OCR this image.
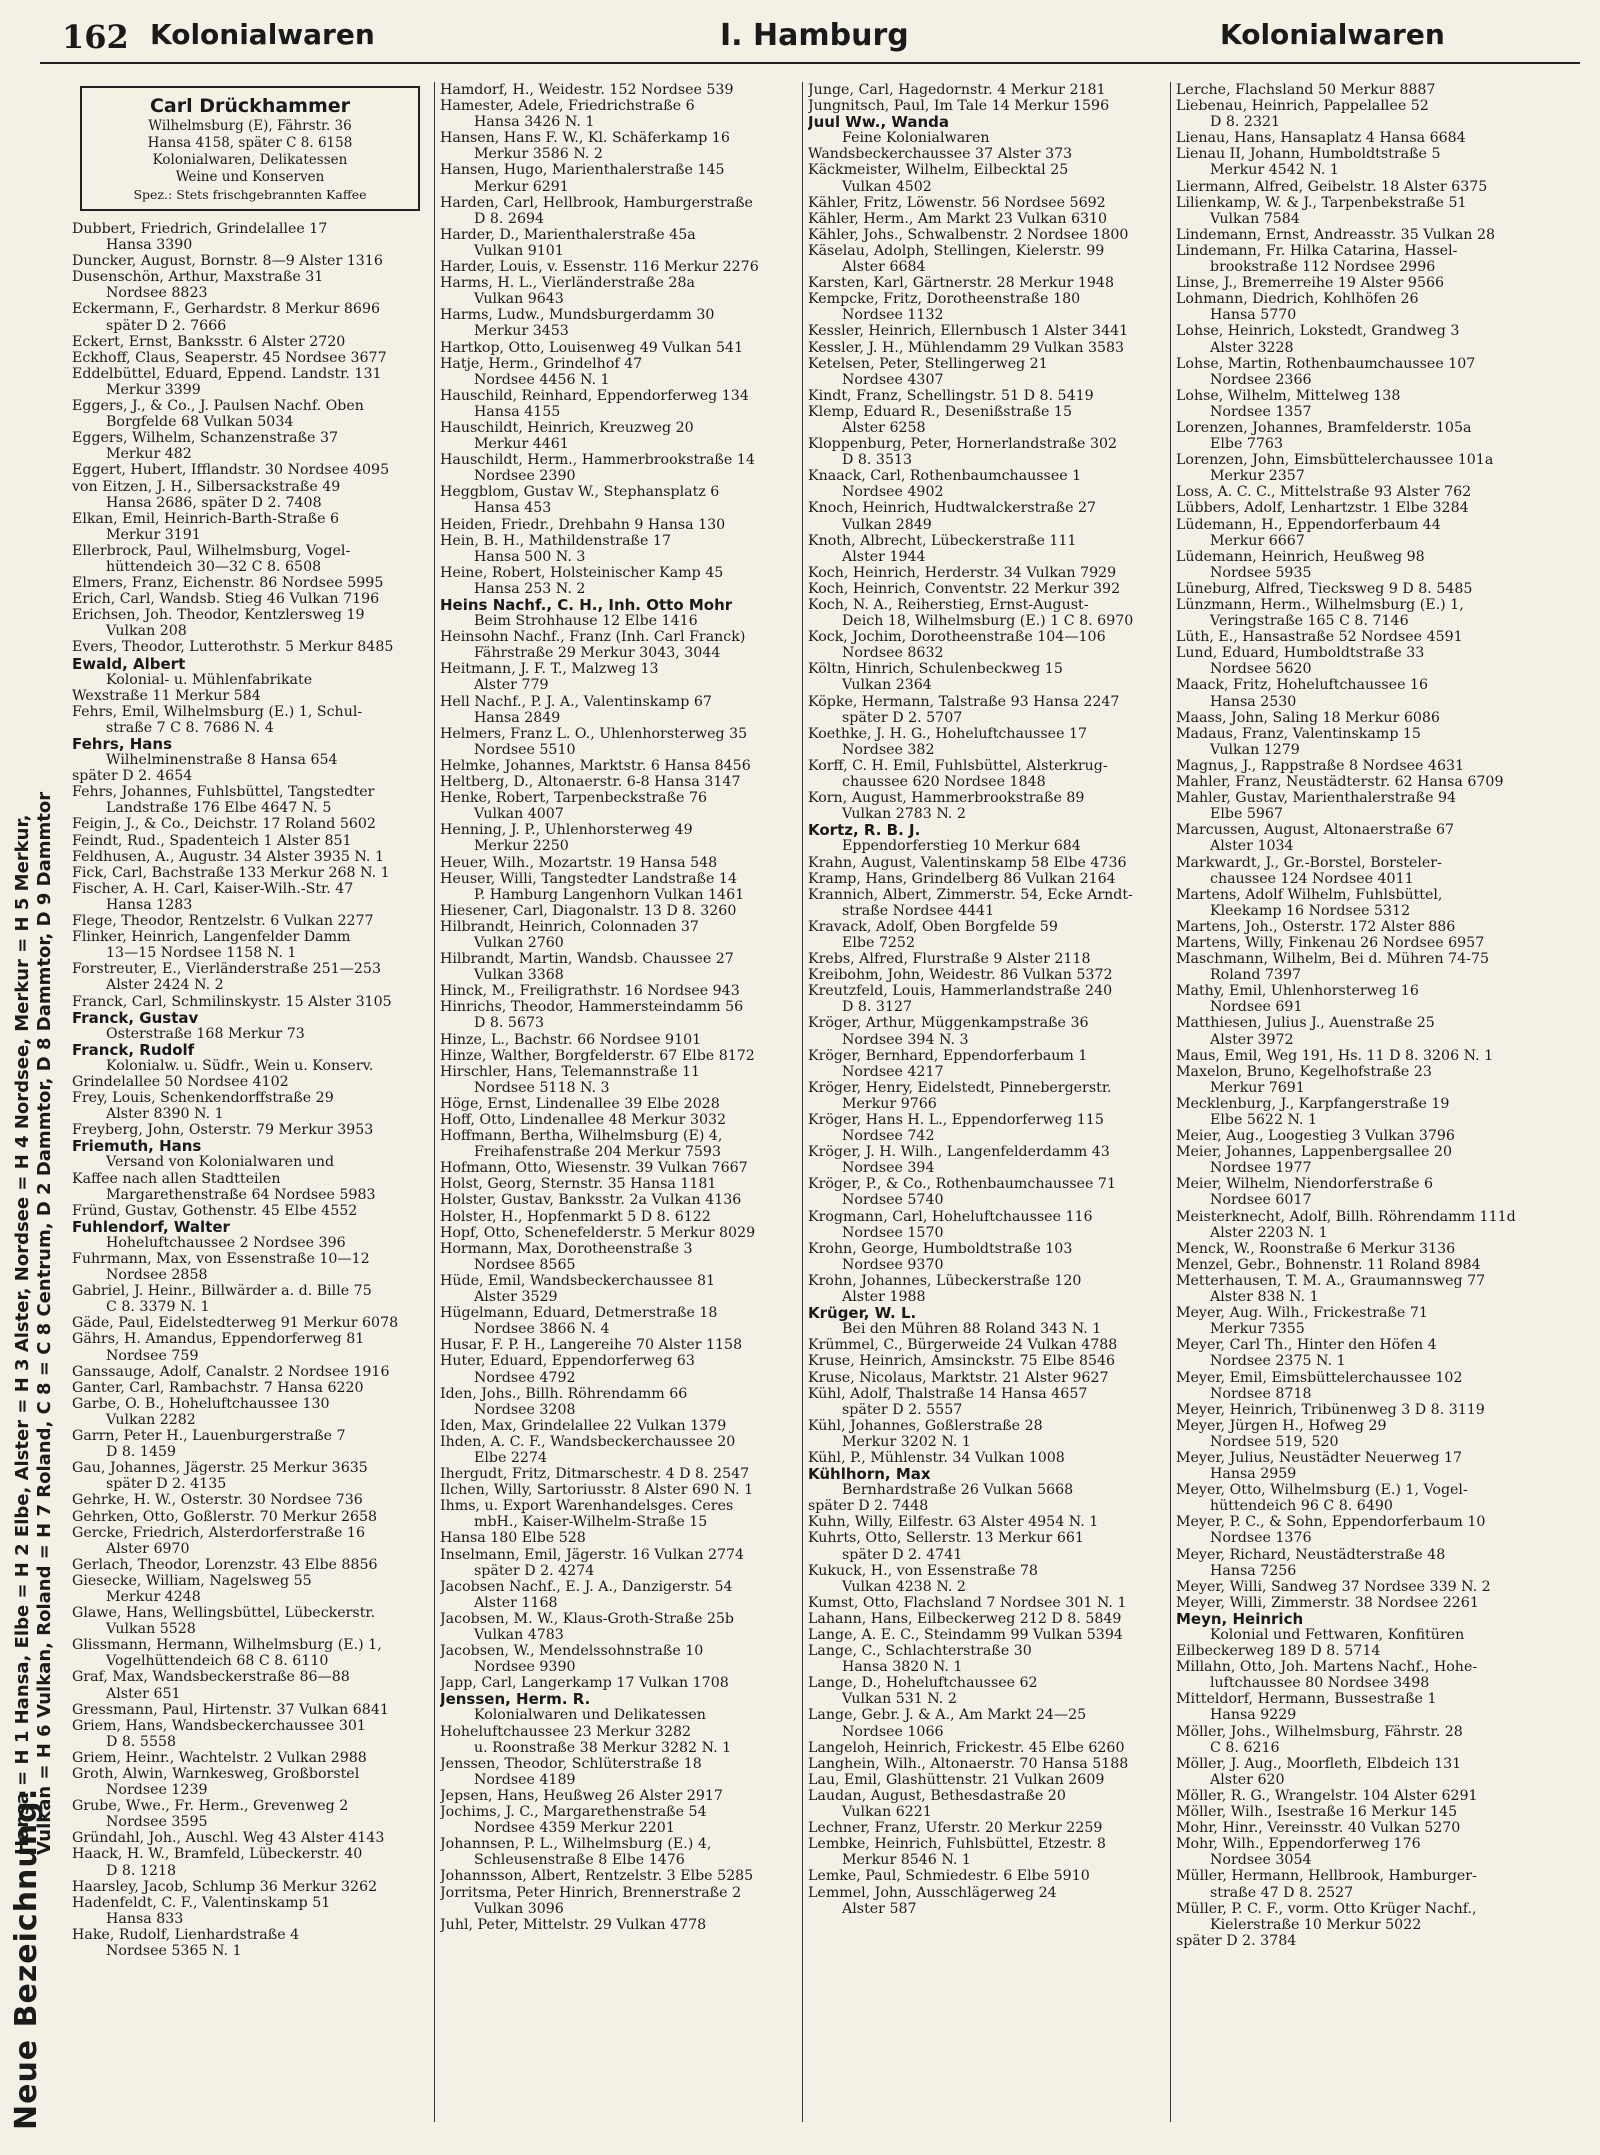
162 Kolonialwaren	I. Hamburg	Kolonialwaren
Neue Bezeichnung:
Hansa = H 1 Hansa, Elbe = H 2 Elbe, Alster = H 3 Alster, Nordsee = H 4 Nordsee, Merkur = H 5 Merkur, Vulkan = H 6 Vulkan, Roland = H 7 Roland, C 8 = C 8 Centrum, D 2 Dammtor, D 8 Dammtor, D 9 Dammtor
Carl Drückhammer
Wilhelmsburg (E), Fährstr. 36
Hansa 4158, später C 8. 6158
Kolonialwaren, Delikatessen
Weine und Konserven
Spez.: Stets frischgebrannten Kaffee
Dubbert, Friedrich, Grindelallee 17
Hansa 3390
Duncker, August, Bornstr. 8—9 Alster 1316
Dusenschön, Arthur, Maxstraße 31
Nordsee 8823
Eckermann, F., Gerhardstr. 8 Merkur 8696
später D 2. 7666
Eckert, Ernst, Banksstr. 6 Alster 2720
Eckhoff, Claus, Seaperstr. 45 Nordsee 3677
Eddelbüttel, Eduard, Eppend. Landstr. 131
Merkur 3399
Eggers, J., & Co., J. Paulsen Nachf. Oben
Borgfelde 68 Vulkan 5034
Eggers, Wilhelm, Schanzenstraße 37
Merkur 482
Eggert, Hubert, Ifflandstr. 30 Nordsee 4095
von Eitzen, J. H., Silbersackstraße 49
Hansa 2686, später D 2. 7408
Elkan, Emil, Heinrich-Barth-Straße 6
Merkur 3191
Ellerbrock, Paul, Wilhelmsburg, Vogel-
hüttendeich 30—32 C 8. 6508
Elmers, Franz, Eichenstr. 86 Nordsee 5995
Erich, Carl, Wandsb. Stieg 46 Vulkan 7196
Erichsen, Joh. Theodor, Kentzlersweg 19
Vulkan 208
Evers, Theodor, Lutterothstr. 5 Merkur 8485
Ewald, Albert
Kolonial- u. Mühlenfabrikate
Wexstraße 11 Merkur 584
Fehrs, Emil, Wilhelmsburg (E.) 1, Schul-
straße 7 C 8. 7686 N. 4
Fehrs, Hans
Wilhelminenstraße 8 Hansa 654
später D 2. 4654
Fehrs, Johannes, Fuhlsbüttel, Tangstedter
Landstraße 176 Elbe 4647 N. 5
Feigin, J., & Co., Deichstr. 17 Roland 5602
Feindt, Rud., Spadenteich 1 Alster 851
Feldhusen, A., Augustr. 34 Alster 3935 N. 1
Fick, Carl, Bachstraße 133 Merkur 268 N. 1
Fischer, A. H. Carl, Kaiser-Wilh.-Str. 47
Hansa 1283
Flege, Theodor, Rentzelstr. 6 Vulkan 2277
Flinker, Heinrich, Langenfelder Damm
13—15 Nordsee 1158 N. 1
Forstreuter, E., Vierländerstraße 251—253
Alster 2424 N. 2
Franck, Carl, Schmilinskystr. 15 Alster 3105
Franck, Gustav
Osterstraße 168 Merkur 73
Franck, Rudolf
Kolonialw. u. Südfr., Wein u. Konserv.
Grindelallee 50 Nordsee 4102
Frey, Louis, Schenkendorffstraße 29
Alster 8390 N. 1
Freyberg, John, Osterstr. 79 Merkur 3953
Friemuth, Hans
Versand von Kolonialwaren und
Kaffee nach allen Stadtteilen
Margarethenstraße 64 Nordsee 5983
Fründ, Gustav, Gothenstr. 45 Elbe 4552
Fuhlendorf, Walter
Hoheluftchaussee 2 Nordsee 396
Fuhrmann, Max, von Essenstraße 10—12
Nordsee 2858
Gabriel, J. Heinr., Billwärder a. d. Bille 75
C 8. 3379 N. 1
Gäde, Paul, Eidelstedterweg 91 Merkur 6078
Gährs, H. Amandus, Eppendorferweg 81
Nordsee 759
Ganssauge, Adolf, Canalstr. 2 Nordsee 1916
Ganter, Carl, Rambachstr. 7 Hansa 6220
Garbe, O. B., Hoheluftchaussee 130
Vulkan 2282
Garrn, Peter H., Lauenburgerstraße 7
D 8. 1459
Gau, Johannes, Jägerstr. 25 Merkur 3635
später D 2. 4135
Gehrke, H. W., Osterstr. 30 Nordsee 736
Gehrken, Otto, Goßlerstr. 70 Merkur 2658
Gercke, Friedrich, Alsterdorferstraße 16
Alster 6970
Gerlach, Theodor, Lorenzstr. 43 Elbe 8856
Giesecke, William, Nagelsweg 55
Merkur 4248
Glawe, Hans, Wellingsbüttel, Lübeckerstr.
Vulkan 5528
Glissmann, Hermann, Wilhelmsburg (E.) 1,
Vogelhüttendeich 68 C 8. 6110
Graf, Max, Wandsbeckerstraße 86—88
Alster 651
Gressmann, Paul, Hirtenstr. 37 Vulkan 6841
Griem, Hans, Wandsbeckerchaussee 301
D 8. 5558
Griem, Heinr., Wachtelstr. 2 Vulkan 2988
Groth, Alwin, Warnkesweg, Großborstel
Nordsee 1239
Grube, Wwe., Fr. Herm., Grevenweg 2
Nordsee 3595
Gründahl, Joh., Auschl. Weg 43 Alster 4143
Haack, H. W., Bramfeld, Lübeckerstr. 40
D 8. 1218
Haarsley, Jacob, Schlump 36 Merkur 3262
Hadenfeldt, C. F., Valentinskamp 51
Hansa 833
Hake, Rudolf, Lienhardstraße 4
Nordsee 5365 N. 1
Hamdorf, H., Weidestr. 152 Nordsee 539
Hamester, Adele, Friedrichstraße 6
Hansa 3426 N. 1
Hansen, Hans F. W., Kl. Schäferkamp 16
Merkur 3586 N. 2
Hansen, Hugo, Marienthalerstraße 145
Merkur 6291
Harden, Carl, Hellbrook, Hamburgerstraße
D 8. 2694
Harder, D., Marienthalerstraße 45a
Vulkan 9101
Harder, Louis, v. Essenstr. 116 Merkur 2276
Harms, H. L., Vierländerstraße 28a
Vulkan 9643
Harms, Ludw., Mundsburgerdamm 30
Merkur 3453
Hartkop, Otto, Louisenweg 49 Vulkan 541
Hatje, Herm., Grindelhof 47
Nordsee 4456 N. 1
Hauschild, Reinhard, Eppendorferweg 134
Hansa 4155
Hauschildt, Heinrich, Kreuzweg 20
Merkur 4461
Hauschildt, Herm., Hammerbrookstraße 14
Nordsee 2390
Heggblom, Gustav W., Stephansplatz 6
Hansa 453
Heiden, Friedr., Drehbahn 9 Hansa 130
Hein, B. H., Mathildenstraße 17
Hansa 500 N. 3
Heine, Robert, Holsteinischer Kamp 45
Hansa 253 N. 2
Heins Nachf., C. H., Inh. Otto Mohr
Beim Strohhause 12 Elbe 1416
Heinsohn Nachf., Franz (Inh. Carl Franck)
Fährstraße 29 Merkur 3043, 3044
Heitmann, J. F. T., Malzweg 13
Alster 779
Hell Nachf., P. J. A., Valentinskamp 67
Hansa 2849
Helmers, Franz L. O., Uhlenhorsterweg 35
Nordsee 5510
Helmke, Johannes, Marktstr. 6 Hansa 8456
Heltberg, D., Altonaerstr. 6-8 Hansa 3147
Henke, Robert, Tarpenbeckstraße 76
Vulkan 4007
Henning, J. P., Uhlenhorsterweg 49
Merkur 2250
Heuer, Wilh., Mozartstr. 19 Hansa 548
Heuser, Willi, Tangstedter Landstraße 14
P. Hamburg Langenhorn Vulkan 1461
Hiesener, Carl, Diagonalstr. 13 D 8. 3260
Hilbrandt, Heinrich, Colonnaden 37
Vulkan 2760
Hilbrandt, Martin, Wandsb. Chaussee 27
Vulkan 3368
Hinck, M., Freiligrathstr. 16 Nordsee 943
Hinrichs, Theodor, Hammersteindamm 56
D 8. 5673
Hinze, L., Bachstr. 66 Nordsee 9101
Hinze, Walther, Borgfelderstr. 67 Elbe 8172
Hirschler, Hans, Telemannstraße 11
Nordsee 5118 N. 3
Höge, Ernst, Lindenallee 39 Elbe 2028
Hoff, Otto, Lindenallee 48 Merkur 3032
Hoffmann, Bertha, Wilhelmsburg (E) 4,
Freihafenstraße 204 Merkur 7593
Hofmann, Otto, Wiesenstr. 39 Vulkan 7667
Holst, Georg, Sternstr. 35 Hansa 1181
Holster, Gustav, Banksstr. 2a Vulkan 4136
Holster, H., Hopfenmarkt 5 D 8. 6122
Hopf, Otto, Schenefelderstr. 5 Merkur 8029
Hormann, Max, Dorotheenstraße 3
Nordsee 8565
Hüde, Emil, Wandsbeckerchaussee 81
Alster 3529
Hügelmann, Eduard, Detmerstraße 18
Nordsee 3866 N. 4
Husar, F. P. H., Langereihe 70 Alster 1158
Huter, Eduard, Eppendorferweg 63
Nordsee 4792
Iden, Johs., Billh. Röhrendamm 66
Nordsee 3208
Iden, Max, Grindelallee 22 Vulkan 1379
Ihden, A. C. F., Wandsbeckerchaussee 20
Elbe 2274
Ihergudt, Fritz, Ditmarschestr. 4 D 8. 2547
Ilchen, Willy, Sartoriusstr. 8 Alster 690 N. 1
Ihms, u. Export Warenhandelsges. Ceres
mbH., Kaiser-Wilhelm-Straße 15
Hansa 180 Elbe 528
Inselmann, Emil, Jägerstr. 16 Vulkan 2774
später D 2. 4274
Jacobsen Nachf., E. J. A., Danzigerstr. 54
Alster 1168
Jacobsen, M. W., Klaus-Groth-Straße 25b
Vulkan 4783
Jacobsen, W., Mendelssohnstraße 10
Nordsee 9390
Japp, Carl, Langerkamp 17 Vulkan 1708
Jenssen, Herm. R.
Kolonialwaren und Delikatessen
Hoheluftchaussee 23 Merkur 3282
u. Roonstraße 38 Merkur 3282 N. 1
Jenssen, Theodor, Schlüterstraße 18
Nordsee 4189
Jepsen, Hans, Heußweg 26 Alster 2917
Jochims, J. C., Margarethenstraße 54
Nordsee 4359 Merkur 2201
Johannsen, P. L., Wilhelmsburg (E.) 4,
Schleusenstraße 8 Elbe 1476
Johannsson, Albert, Rentzelstr. 3 Elbe 5285
Jorritsma, Peter Hinrich, Brennerstraße 2
Vulkan 3096
Juhl, Peter, Mittelstr. 29 Vulkan 4778
Junge, Carl, Hagedornstr. 4 Merkur 2181
Jungnitsch, Paul, Im Tale 14 Merkur 1596
Juul Ww., Wanda
Feine Kolonialwaren
Wandsbeckerchaussee 37 Alster 373
Käckmeister, Wilhelm, Eilbecktal 25
Vulkan 4502
Kähler, Fritz, Löwenstr. 56 Nordsee 5692
Kähler, Herm., Am Markt 23 Vulkan 6310
Kähler, Johs., Schwalbenstr. 2 Nordsee 1800
Käselau, Adolph, Stellingen, Kielerstr. 99
Alster 6684
Karsten, Karl, Gärtnerstr. 28 Merkur 1948
Kempcke, Fritz, Dorotheenstraße 180
Nordsee 1132
Kessler, Heinrich, Ellernbusch 1 Alster 3441
Kessler, J. H., Mühlendamm 29 Vulkan 3583
Ketelsen, Peter, Stellingerweg 21
Nordsee 4307
Kindt, Franz, Schellingstr. 51 D 8. 5419
Klemp, Eduard R., Desenißstraße 15
Alster 6258
Kloppenburg, Peter, Hornerlandstraße 302
D 8. 3513
Knaack, Carl, Rothenbaumchaussee 1
Nordsee 4902
Knoch, Heinrich, Hudtwalckerstraße 27
Vulkan 2849
Knoth, Albrecht, Lübeckerstraße 111
Alster 1944
Koch, Heinrich, Herderstr. 34 Vulkan 7929
Koch, Heinrich, Conventstr. 22 Merkur 392
Koch, N. A., Reiherstieg, Ernst-August-
Deich 18, Wilhelmsburg (E.) 1 C 8. 6970
Kock, Jochim, Dorotheenstraße 104—106
Nordsee 8632
Költn, Hinrich, Schulenbeckweg 15
Vulkan 2364
Köpke, Hermann, Talstraße 93 Hansa 2247
später D 2. 5707
Koethke, J. H. G., Hoheluftchaussee 17
Nordsee 382
Korff, C. H. Emil, Fuhlsbüttel, Alsterkrug-
chaussee 620 Nordsee 1848
Korn, August, Hammerbrookstraße 89
Vulkan 2783 N. 2
Kortz, R. B. J.
Eppendorferstieg 10 Merkur 684
Krahn, August, Valentinskamp 58 Elbe 4736
Kramp, Hans, Grindelberg 86 Vulkan 2164
Krannich, Albert, Zimmerstr. 54, Ecke Arndt-
straße Nordsee 4441
Kravack, Adolf, Oben Borgfelde 59
Elbe 7252
Krebs, Alfred, Flurstraße 9 Alster 2118
Kreibohm, John, Weidestr. 86 Vulkan 5372
Kreutzfeld, Louis, Hammerlandstraße 240
D 8. 3127
Kröger, Arthur, Müggenkampstraße 36
Nordsee 394 N. 3
Kröger, Bernhard, Eppendorferbaum 1
Nordsee 4217
Kröger, Henry, Eidelstedt, Pinnebergerstr.
Merkur 9766
Kröger, Hans H. L., Eppendorferweg 115
Nordsee 742
Kröger, J. H. Wilh., Langenfelderdamm 43
Nordsee 394
Kröger, P., & Co., Rothenbaumchaussee 71
Nordsee 5740
Krogmann, Carl, Hoheluftchaussee 116
Nordsee 1570
Krohn, George, Humboldtstraße 103
Nordsee 9370
Krohn, Johannes, Lübeckerstraße 120
Alster 1988
Krüger, W. L.
Bei den Mühren 88 Roland 343 N. 1
Krümmel, C., Bürgerweide 24 Vulkan 4788
Kruse, Heinrich, Amsinckstr. 75 Elbe 8546
Kruse, Nicolaus, Marktstr. 21 Alster 9627
Kühl, Adolf, Thalstraße 14 Hansa 4657
später D 2. 5557
Kühl, Johannes, Goßlerstraße 28
Merkur 3202 N. 1
Kühl, P., Mühlenstr. 34 Vulkan 1008
Kühlhorn, Max
Bernhardstraße 26 Vulkan 5668
später D 2. 7448
Kuhn, Willy, Eilfestr. 63 Alster 4954 N. 1
Kuhrts, Otto, Sellerstr. 13 Merkur 661
später D 2. 4741
Kukuck, H., von Essenstraße 78
Vulkan 4238 N. 2
Kumst, Otto, Flachsland 7 Nordsee 301 N. 1
Lahann, Hans, Eilbeckerweg 212 D 8. 5849
Lange, A. E. C., Steindamm 99 Vulkan 5394
Lange, C., Schlachterstraße 30
Hansa 3820 N. 1
Lange, D., Hoheluftchaussee 62
Vulkan 531 N. 2
Lange, Gebr. J. & A., Am Markt 24—25
Nordsee 1066
Langeloh, Heinrich, Frickestr. 45 Elbe 6260
Langhein, Wilh., Altonaerstr. 70 Hansa 5188
Lau, Emil, Glashüttenstr. 21 Vulkan 2609
Laudan, August, Bethesdastraße 20
Vulkan 6221
Lechner, Franz, Uferstr. 20 Merkur 2259
Lembke, Heinrich, Fuhlsbüttel, Etzestr. 8
Merkur 8546 N. 1
Lemke, Paul, Schmiedestr. 6 Elbe 5910
Lemmel, John, Ausschlägerweg 24
Alster 587
Lerche, Flachsland 50 Merkur 8887
Liebenau, Heinrich, Pappelallee 52
D 8. 2321
Lienau, Hans, Hansaplatz 4 Hansa 6684
Lienau II, Johann, Humboldtstraße 5
Merkur 4542 N. 1
Liermann, Alfred, Geibelstr. 18 Alster 6375
Lilienkamp, W. & J., Tarpenbekstraße 51
Vulkan 7584
Lindemann, Ernst, Andreasstr. 35 Vulkan 28
Lindemann, Fr. Hilka Catarina, Hassel-
brookstraße 112 Nordsee 2996
Linse, J., Bremerreihe 19 Alster 9566
Lohmann, Diedrich, Kohlhöfen 26
Hansa 5770
Lohse, Heinrich, Lokstedt, Grandweg 3
Alster 3228
Lohse, Martin, Rothenbaumchaussee 107
Nordsee 2366
Lohse, Wilhelm, Mittelweg 138
Nordsee 1357
Lorenzen, Johannes, Bramfelderstr. 105a
Elbe 7763
Lorenzen, John, Eimsbüttelerchaussee 101a
Merkur 2357
Loss, A. C. C., Mittelstraße 93 Alster 762
Lübbers, Adolf, Lenhartzstr. 1 Elbe 3284
Lüdemann, H., Eppendorferbaum 44
Merkur 6667
Lüdemann, Heinrich, Heußweg 98
Nordsee 5935
Lüneburg, Alfred, Tiecksweg 9 D 8. 5485
Lünzmann, Herm., Wilhelmsburg (E.) 1,
Veringstraße 165 C 8. 7146
Lüth, E., Hansastraße 52 Nordsee 4591
Lund, Eduard, Humboldtstraße 33
Nordsee 5620
Maack, Fritz, Hoheluftchaussee 16
Hansa 2530
Maass, John, Saling 18 Merkur 6086
Madaus, Franz, Valentinskamp 15
Vulkan 1279
Magnus, J., Rappstraße 8 Nordsee 4631
Mahler, Franz, Neustädterstr. 62 Hansa 6709
Mahler, Gustav, Marienthalerstraße 94
Elbe 5967
Marcussen, August, Altonaerstraße 67
Alster 1034
Markwardt, J., Gr.-Borstel, Borsteler-
chaussee 124 Nordsee 4011
Martens, Adolf Wilhelm, Fuhlsbüttel,
Kleekamp 16 Nordsee 5312
Martens, Joh., Osterstr. 172 Alster 886
Martens, Willy, Finkenau 26 Nordsee 6957
Maschmann, Wilhelm, Bei d. Mühren 74-75
Roland 7397
Mathy, Emil, Uhlenhorsterweg 16
Nordsee 691
Matthiesen, Julius J., Auenstraße 25
Alster 3972
Maus, Emil, Weg 191, Hs. 11 D 8. 3206 N. 1
Maxelon, Bruno, Kegelhofstraße 23
Merkur 7691
Mecklenburg, J., Karpfangerstraße 19
Elbe 5622 N. 1
Meier, Aug., Loogestieg 3 Vulkan 3796
Meier, Johannes, Lappenbergsallee 20
Nordsee 1977
Meier, Wilhelm, Niendorferstraße 6
Nordsee 6017
Meisterknecht, Adolf, Billh. Röhrendamm 111d
Alster 2203 N. 1
Menck, W., Roonstraße 6 Merkur 3136
Menzel, Gebr., Bohnenstr. 11 Roland 8984
Metterhausen, T. M. A., Graumannsweg 77
Alster 838 N. 1
Meyer, Aug. Wilh., Frickestraße 71
Merkur 7355
Meyer, Carl Th., Hinter den Höfen 4
Nordsee 2375 N. 1
Meyer, Emil, Eimsbüttelerchaussee 102
Nordsee 8718
Meyer, Heinrich, Tribünenweg 3 D 8. 3119
Meyer, Jürgen H., Hofweg 29
Nordsee 519, 520
Meyer, Julius, Neustädter Neuerweg 17
Hansa 2959
Meyer, Otto, Wilhelmsburg (E.) 1, Vogel-
hüttendeich 96 C 8. 6490
Meyer, P. C., & Sohn, Eppendorferbaum 10
Nordsee 1376
Meyer, Richard, Neustädterstraße 48
Hansa 7256
Meyer, Willi, Sandweg 37 Nordsee 339 N. 2
Meyer, Willi, Zimmerstr. 38 Nordsee 2261
Meyn, Heinrich
Kolonial und Fettwaren, Konfitüren
Eilbeckerweg 189 D 8. 5714
Millahn, Otto, Joh. Martens Nachf., Hohe-
luftchaussee 80 Nordsee 3498
Mitteldorf, Hermann, Bussestraße 1
Hansa 9229
Möller, Johs., Wilhelmsburg, Fährstr. 28
C 8. 6216
Möller, J. Aug., Moorfleth, Elbdeich 131
Alster 620
Möller, R. G., Wrangelstr. 104 Alster 6291
Möller, Wilh., Isestraße 16 Merkur 145
Mohr, Hinr., Vereinsstr. 40 Vulkan 5270
Mohr, Wilh., Eppendorferweg 176
Nordsee 3054
Müller, Hermann, Hellbrook, Hamburger-
straße 47 D 8. 2527
Müller, P. C. F., vorm. Otto Krüger Nachf.,
Kielerstraße 10 Merkur 5022
später D 2. 3784
